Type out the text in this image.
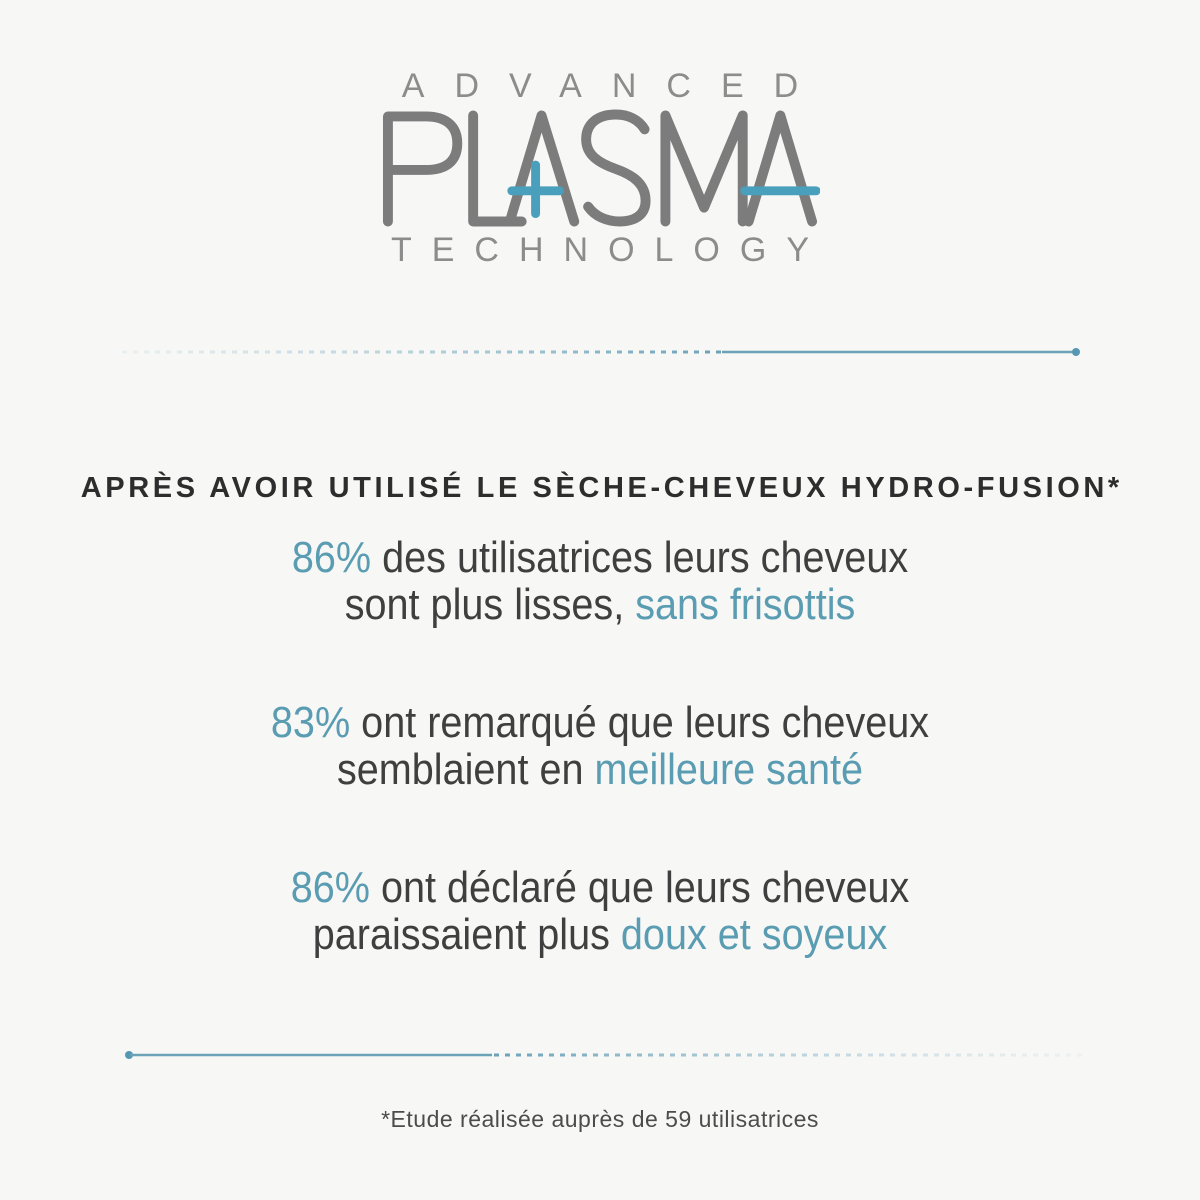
ADVANCED
TECHNOLOGY
APRÈS AVOIR UTILISÉ LE SÈCHE-CHEVEUX HYDRO-FUSION*

86% des utilisatrices leurs cheveux
sont plus lisses, sans frisottis

83% ont remarqué que leurs cheveux
semblaient en meilleure santé

86% ont déclaré que leurs cheveux
paraissaient plus doux et soyeux

*Etude réalisée auprès de 59 utilisatrices
